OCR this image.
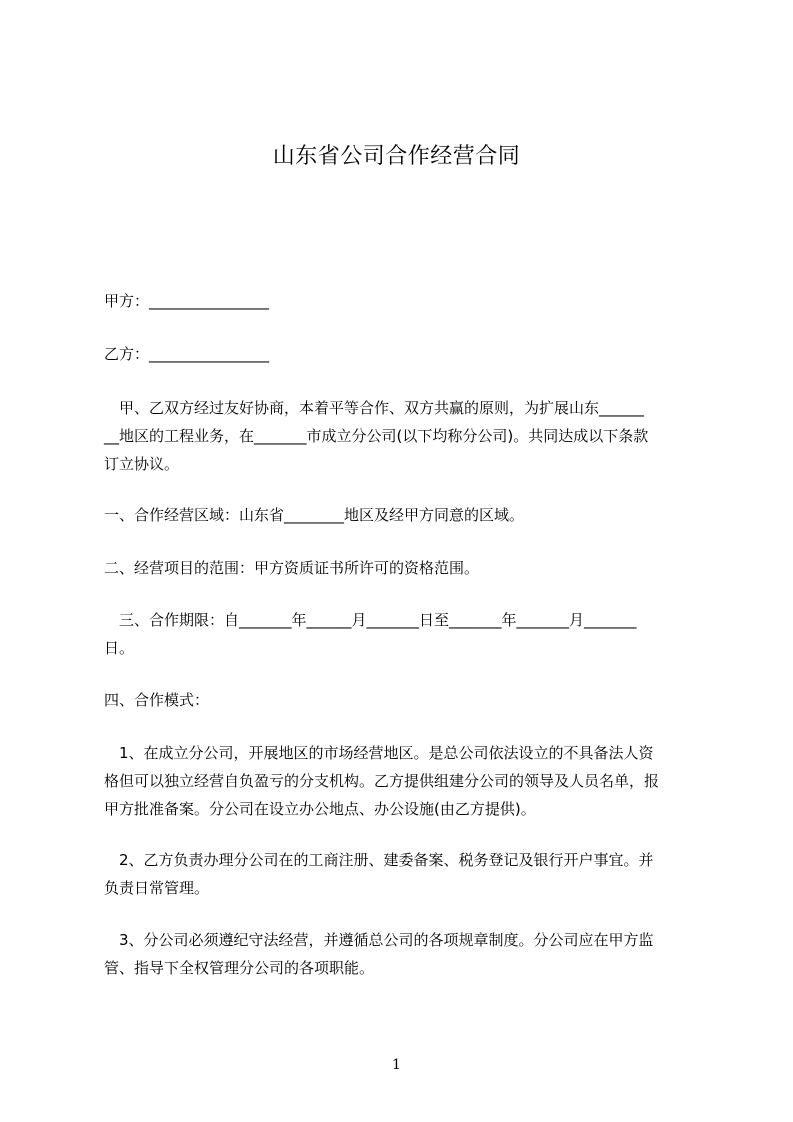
山东省公司合作经营合同
甲方：________________
乙方：________________
　甲、乙双方经过友好协商，本着平等合作、双方共赢的原则，为扩展山东______
__地区的工程业务，在_______市成立分公司(以下均称分公司)。共同达成以下条款
订立协议。
一、合作经营区域：山东省________地区及经甲方同意的区域。
二、经营项目的范围：甲方资质证书所许可的资格范围。
　三、合作期限：自_______年______月_______日至_______年_______月_______
日。
四、合作模式：
　1、在成立分公司，开展地区的市场经营地区。是总公司依法设立的不具备法人资
格但可以独立经营自负盈亏的分支机构。乙方提供组建分公司的领导及人员名单，报
甲方批准备案。分公司在设立办公地点、办公设施(由乙方提供)。
　2、乙方负责办理分公司在的工商注册、建委备案、税务登记及银行开户事宜。并
负责日常管理。
　3、分公司必须遵纪守法经营，并遵循总公司的各项规章制度。分公司应在甲方监
管、指导下全权管理分公司的各项职能。
1
